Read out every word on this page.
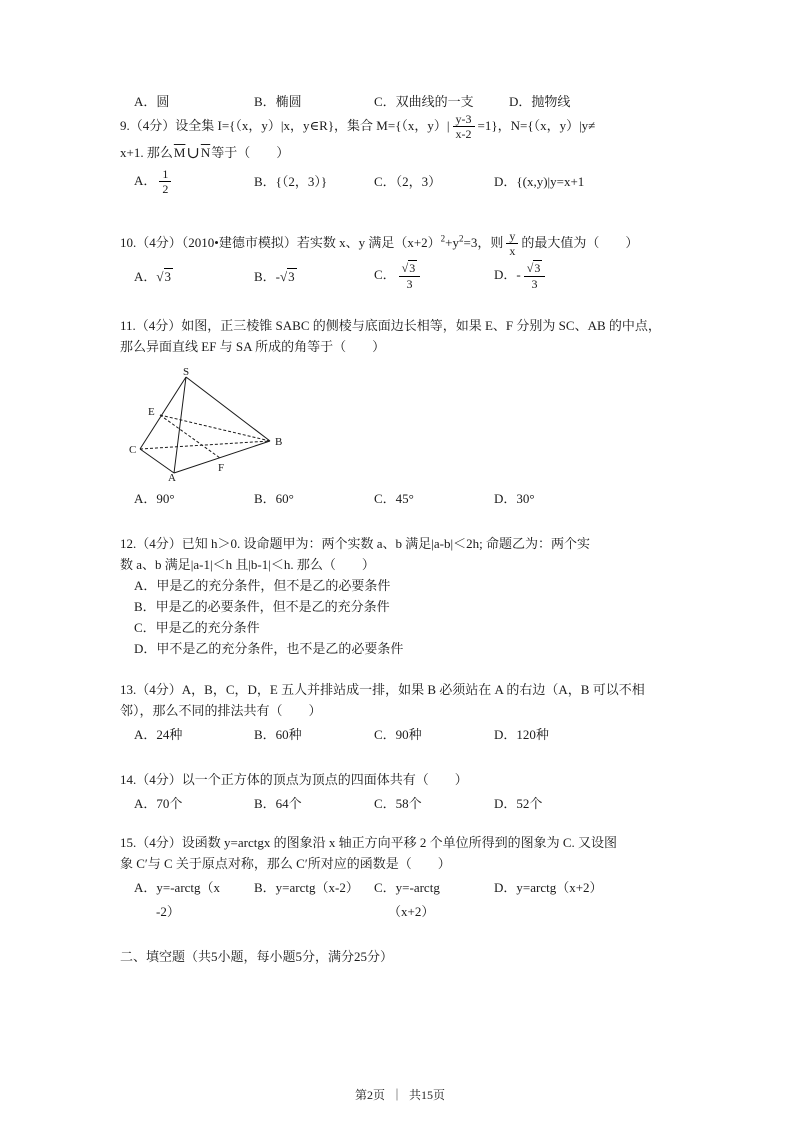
A．圆	B．椭圆	C．双曲线的一支	D．抛物线

9.（4分）设全集 I={（x，y）|x，y∈R}，集合 M={（x，$y)| \frac{y-3}{x-2} =1$}，N={（x，y）|y≠

x+1. 那么$\overline{M}\cup\overline{N}$等于（　　）

A． $\frac{1}{2}$	B．{（2，3）}	C．（2，3）	D．{(x,y)|y=x+1

10.（4分）（2010•建德市模拟）若实数 x、y 满足$(x+2)^2+y^2=3$，则 $\frac{y}{x}$ 的最大值为（　　）

A．√3	B．-√3	C． $\frac{√3}{3}$	D．- $\frac{√3}{3}$

11.（4分）如图，正三棱锥 SABC 的侧棱与底面边长相等，如果 E、F 分别为 SC、AB 的中点，

那么异面直线 EF 与 SA 所成的角等于（　　）

S
E
C
B
A
F
A．90°	B．60°	C．45°	D．30°

12.（4分）已知 h＞0. 设命题甲为：两个实数 a、b 满足|a-b|＜2h; 命题乙为：两个实

数 a、b 满足|a-1|＜h 且|b-1|＜h. 那么（　　）

A．甲是乙的充分条件，但不是乙的必要条件

B．甲是乙的必要条件，但不是乙的充分条件

C．甲是乙的充分条件

D．甲不是乙的充分条件，也不是乙的必要条件

13.（4分）A，B，C，D，E 五人并排站成一排，如果 B 必须站在 A 的右边（A，B 可以不相

邻），那么不同的排法共有（　　）

A．24种	B．60种	C．90种	D．120种

14.（4分）以一个正方体的顶点为顶点的四面体共有（　　）

A．70个	B．64个	C．58个	D．52个

15.（4分）设函数 y=arctgx 的图象沿 x 轴正方向平移 2 个单位所得到的图象为 C. 又设图

象 C′与 C 关于原点对称，那么 C′所对应的函数是（　　）

A．y=-arctg（x	B．y=arctg（x-2）	C．y=-arctg	D．y=arctg（x+2）
-2）	（x+2）

二、填空题（共5小题，每小题5分，满分25分）

第2页 ｜ 共15页
